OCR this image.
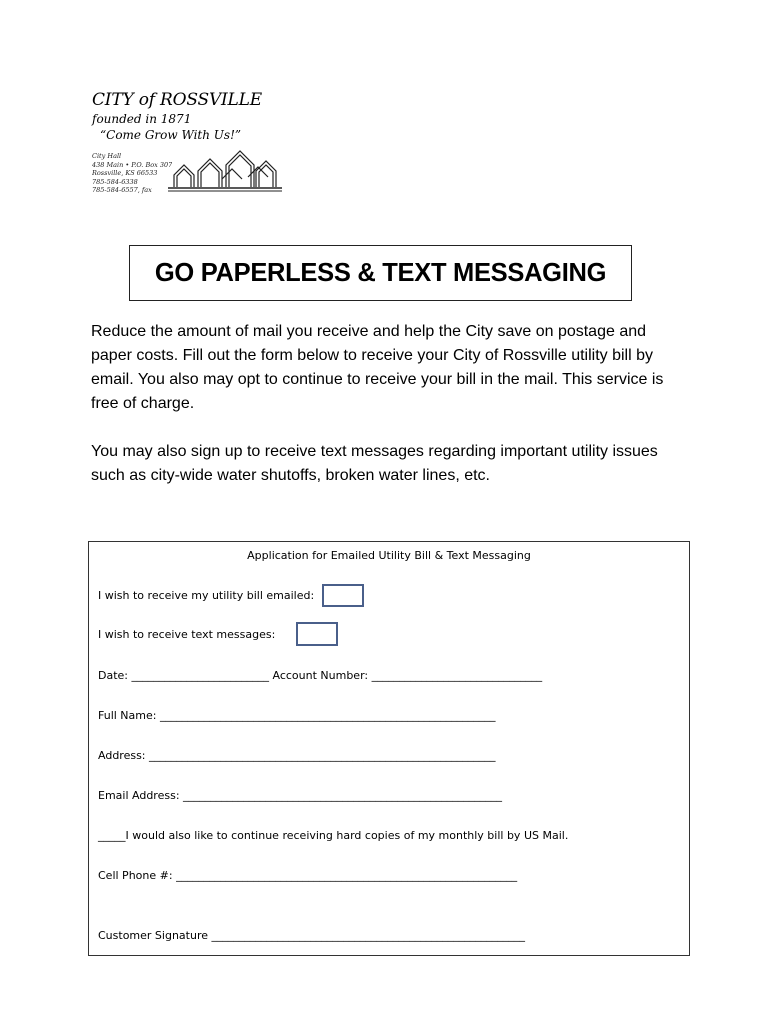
CITY of ROSSVILLE
founded in 1871
“Come Grow With Us!”
City Hall
438 Main • P.O. Box 307
Rossville, KS 66533
785-584-6338
785-584-6557, fax
GO PAPERLESS & TEXT MESSAGING

Reduce the amount of mail you receive and help the City save on postage and paper costs. Fill out the form below to receive your City of Rossville utility bill by email. You also may opt to continue to receive your bill in the mail. This service is free of charge.

You may also sign up to receive text messages regarding important utility issues such as city-wide water shutoffs, broken water lines, etc.

Application for Emailed Utility Bill & Text Messaging
I wish to receive my utility bill emailed:
I wish to receive text messages:
Date: _________________________ Account Number: _______________________________
Full Name: _____________________________________________________________
Address: _______________________________________________________________
Email Address: __________________________________________________________
_____I would also like to continue receiving hard copies of my monthly bill by US Mail.
Cell Phone #: ______________________________________________________________
Customer Signature _________________________________________________________
